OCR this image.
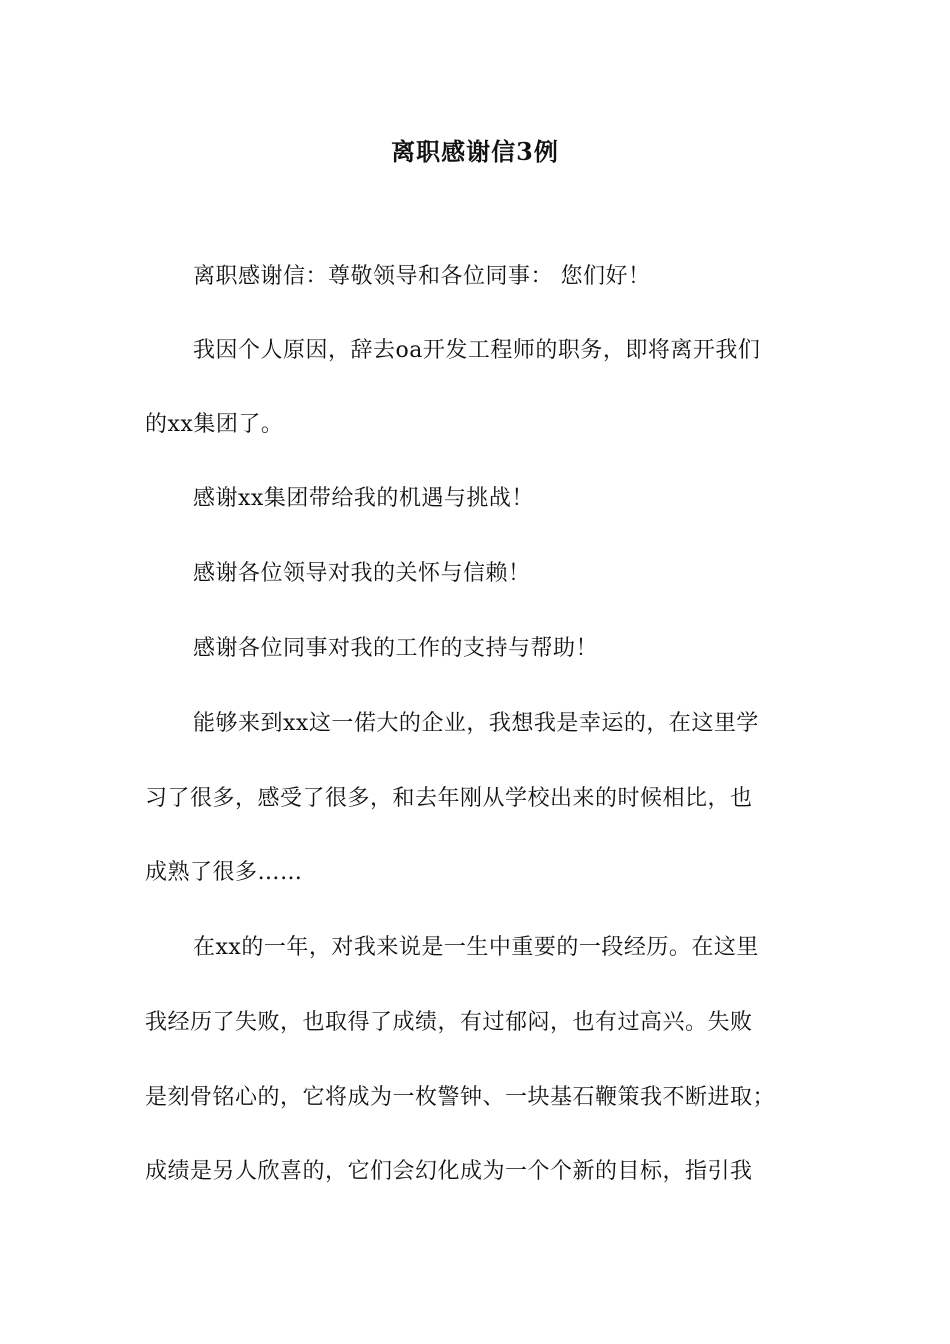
离职感谢信3例
离职感谢信：尊敬领导和各位同事： 您们好！
我因个人原因，辞去oa开发工程师的职务，即将离开我们
的xx集团了。
感谢xx集团带给我的机遇与挑战！
感谢各位领导对我的关怀与信赖！
感谢各位同事对我的工作的支持与帮助！
能够来到xx这一偌大的企业，我想我是幸运的，在这里学
习了很多，感受了很多，和去年刚从学校出来的时候相比，也
成熟了很多……
在xx的一年，对我来说是一生中重要的一段经历。在这里
我经历了失败，也取得了成绩，有过郁闷，也有过高兴。失败
是刻骨铭心的，它将成为一枚警钟、一块基石鞭策我不断进取；
成绩是另人欣喜的，它们会幻化成为一个个新的目标，指引我
